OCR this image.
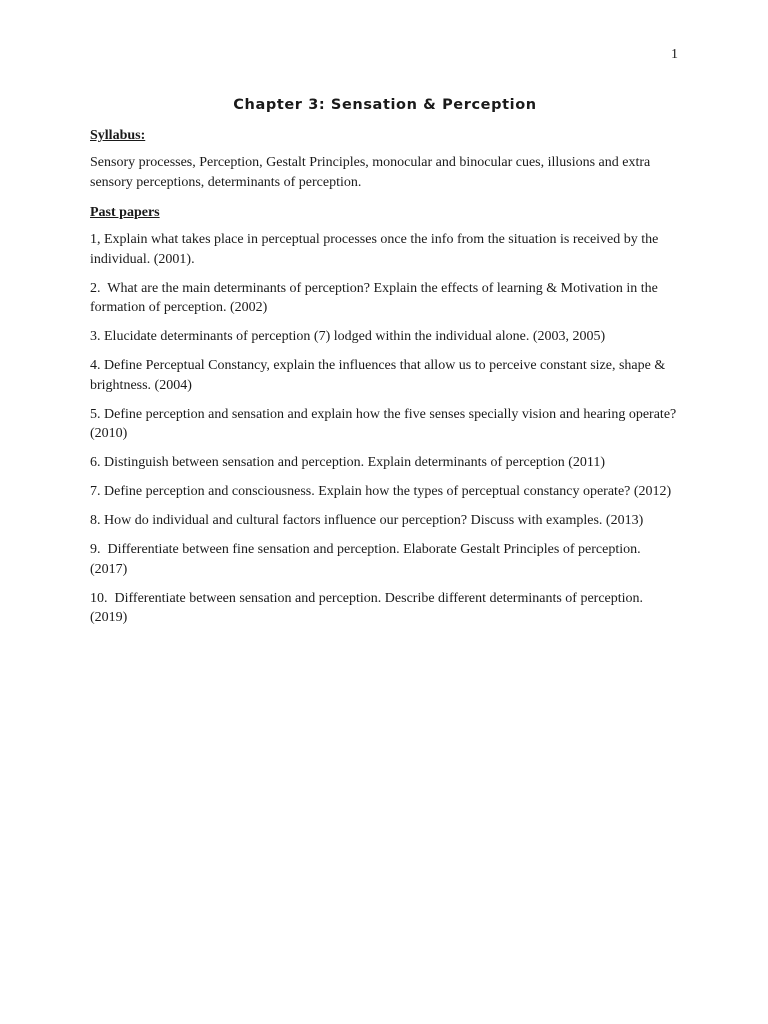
1
Chapter 3: Sensation & Perception
Syllabus:

Sensory processes, Perception, Gestalt Principles, monocular and binocular cues, illusions and extra sensory perceptions, determinants of perception.

Past papers

1, Explain what takes place in perceptual processes once the info from the situation is received by the individual. (2001).

2.  What are the main determinants of perception? Explain the effects of learning & Motivation in the formation of perception. (2002)

3. Elucidate determinants of perception (7) lodged within the individual alone. (2003, 2005)

4. Define Perceptual Constancy, explain the influences that allow us to perceive constant size, shape & brightness. (2004)

5. Define perception and sensation and explain how the five senses specially vision and hearing operate? (2010)

6. Distinguish between sensation and perception. Explain determinants of perception (2011)

7. Define perception and consciousness. Explain how the types of perceptual constancy operate? (2012)

8. How do individual and cultural factors influence our perception? Discuss with examples. (2013)

9.  Differentiate between fine sensation and perception. Elaborate Gestalt Principles of perception. (2017)

10.  Differentiate between sensation and perception. Describe different determinants of perception. (2019)
